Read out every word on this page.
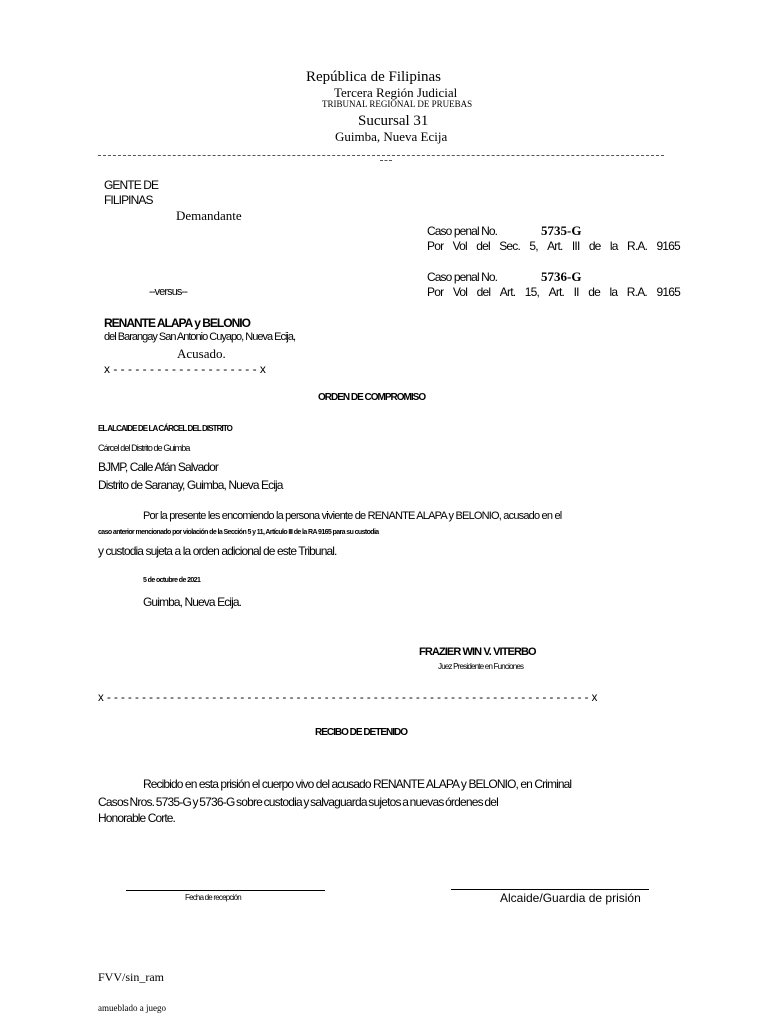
República de Filipinas
Tercera Región Judicial
TRIBUNAL REGIONAL DE PRUEBAS
Sucursal 31
Guimba, Nueva Ecija
GENTE DE
FILIPINAS
Demandante
Caso penal No.	5735-G
Por Vol del Sec. 5, Art. III de la R.A. 9165
Caso penal No.	5736-G
Por Vol del Art. 15, Art. II de la R.A. 9165
--versus--
RENANTE ALAPA y BELONIO
del Barangay San Antonio Cuyapo, Nueva Ecija,
Acusado.
x - - - - - - - - - - - - - - - - - - - - x
ORDEN DE COMPROMISO
EL ALCAIDE DE LA CÁRCEL DEL DISTRITO
Cárcel del Distrito de Guimba
BJMP, Calle Afán Salvador
Distrito de Saranay, Guimba, Nueva Ecija
Por la presente les encomiendo la persona viviente de RENANTE ALAPA y BELONIO, acusado en el
caso anterior mencionado por violación de la Sección 5 y 11, Artículo III de la RA 9165 para su custodia
y custodia sujeta a la orden adicional de este Tribunal.
5 de octubre de 2021
Guimba, Nueva Ecija.
FRAZIER WIN V. VITERBO
Juez Presidente en Funciones
x - - - - - - - - - - - - - - - - - - - - - - - - - - - - - - - - - - - - - - - - - - - - - - - - - - - - - - - - - - - - - - - - - - - - - x
RECIBO DE DETENIDO
Recibido en esta prisión el cuerpo vivo del acusado RENANTE ALAPA y BELONIO, en Criminal
Casos Nros. 5735-G y 5736-G sobre custodia y salvaguarda sujetos a nuevas órdenes del
Honorable Corte.
Fecha de recepción	Alcaide/Guardia de prisión
FVV/sin_ram
amueblado a juego
